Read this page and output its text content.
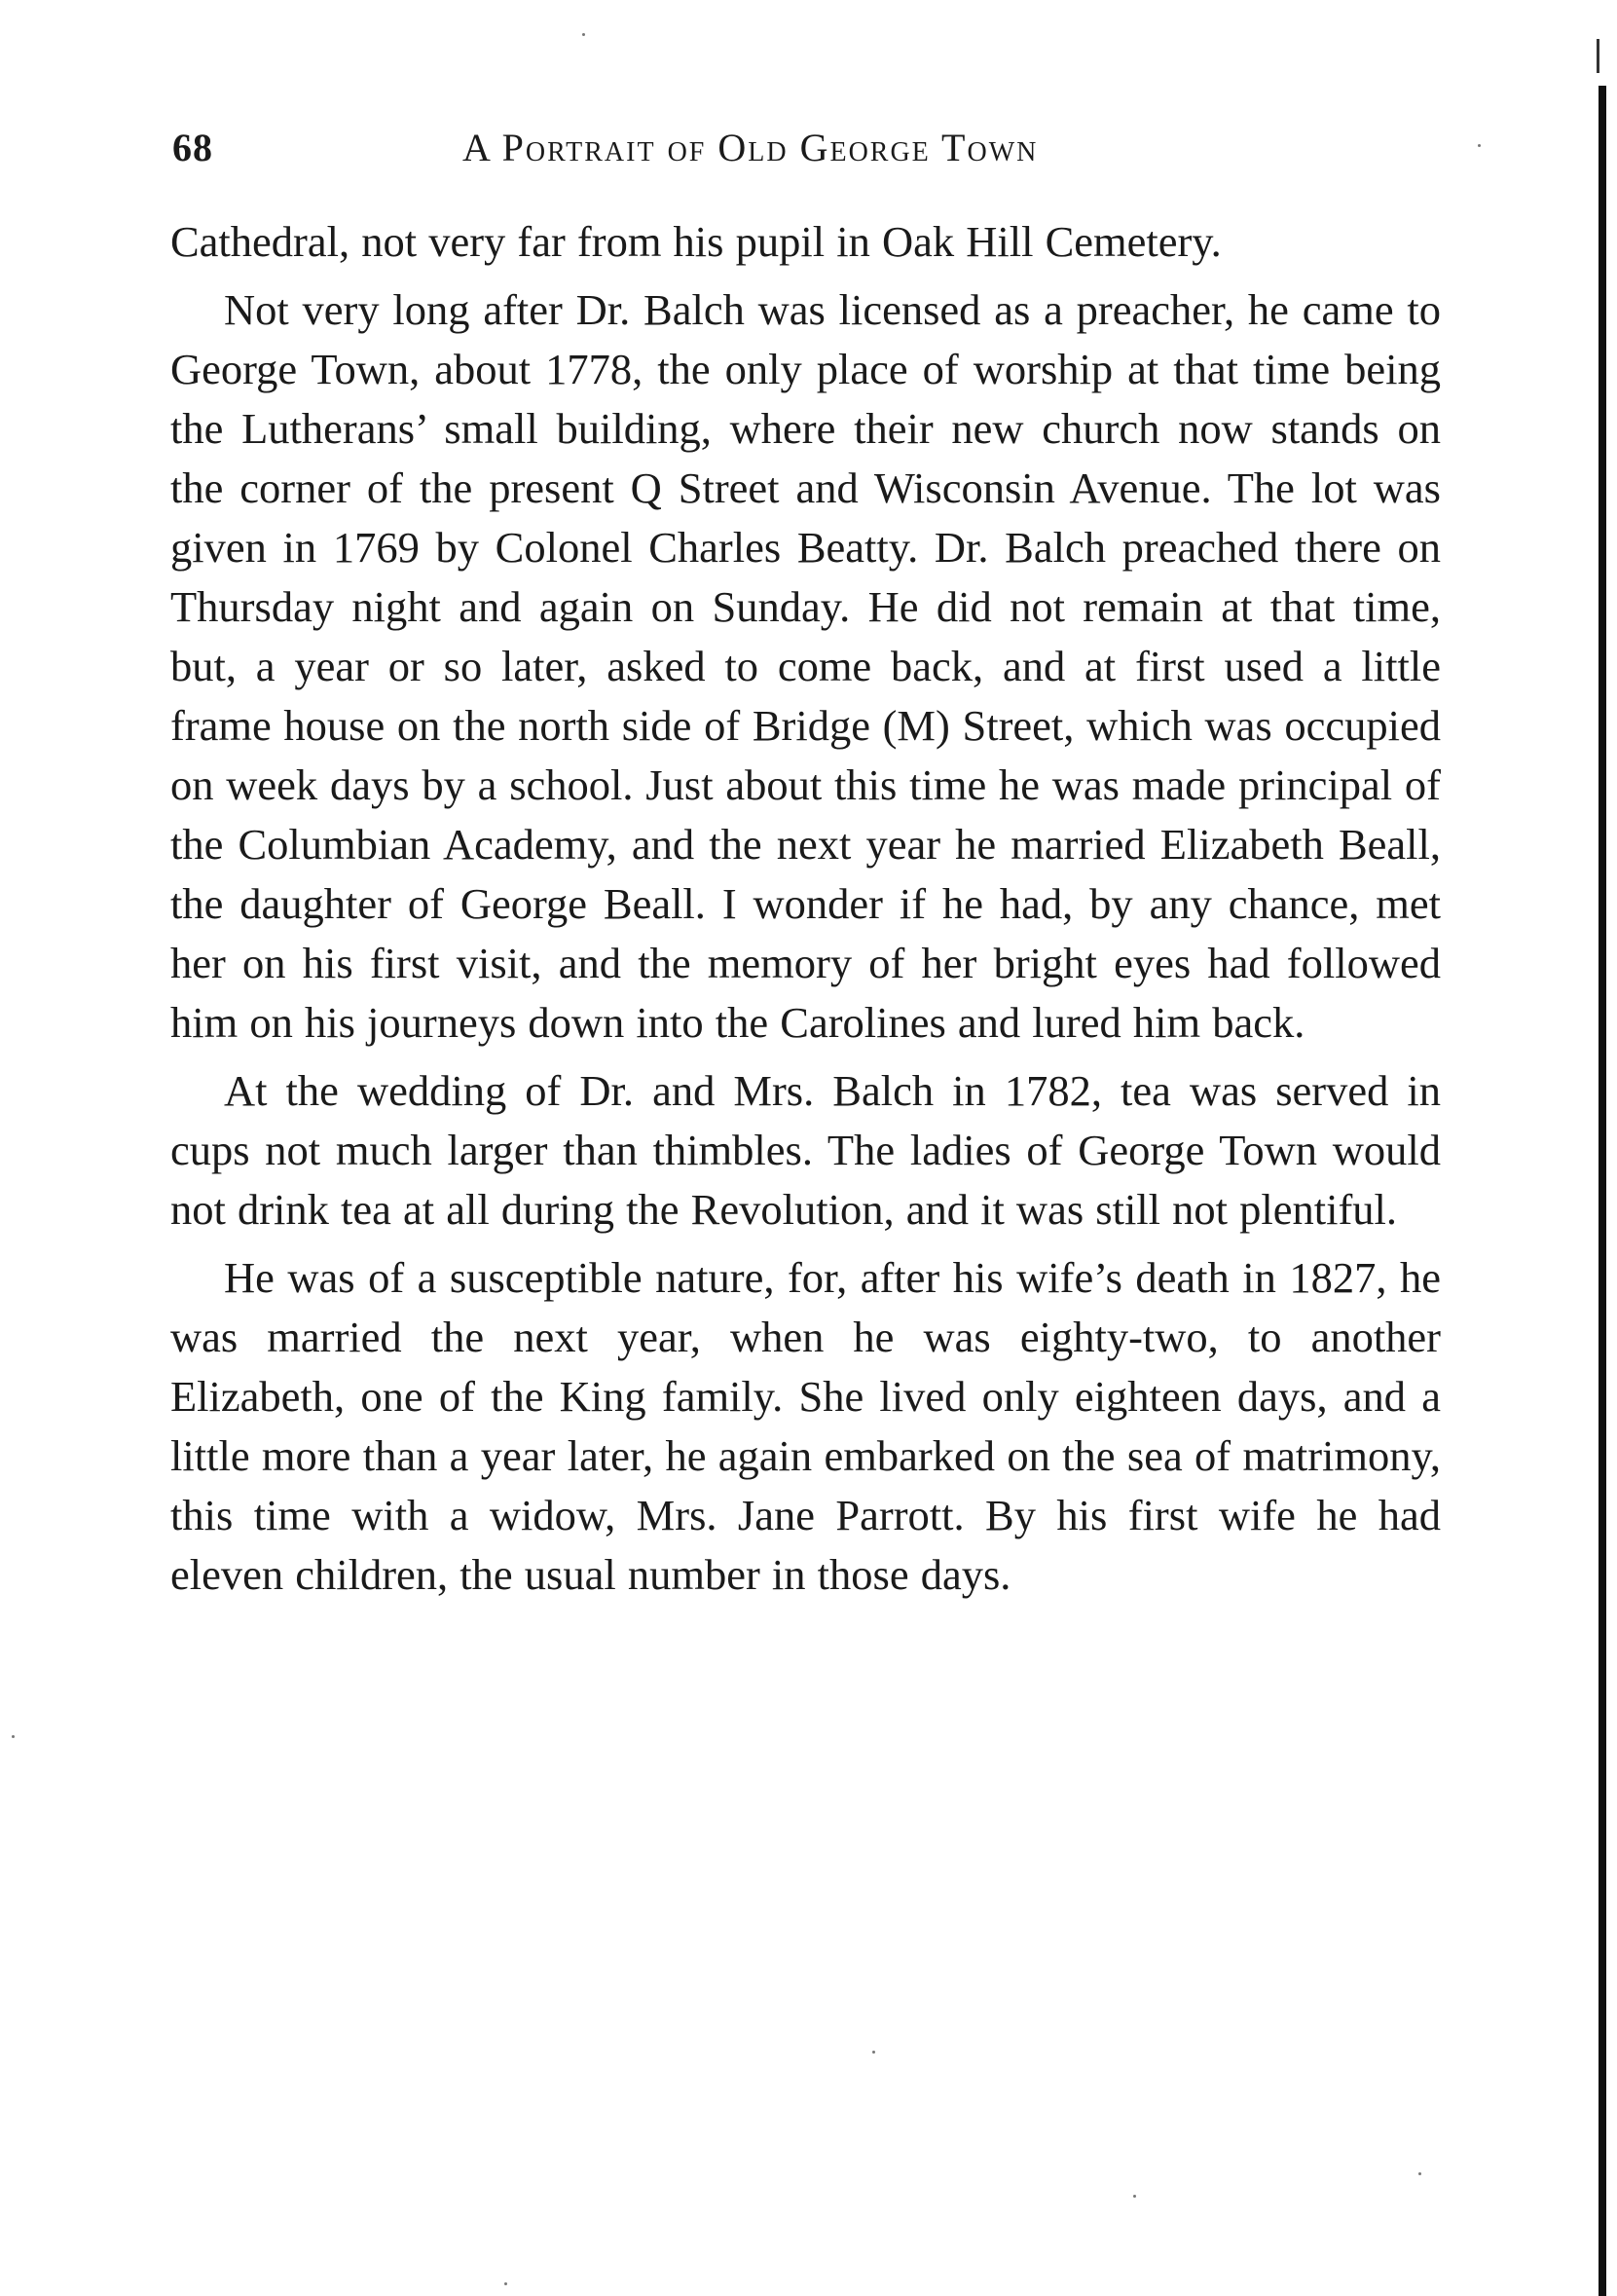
68	A Portrait of Old George Town

Cathedral, not very far from his pupil in Oak Hill Cemetery.

Not very long after Dr. Balch was licensed as a preacher, he came to George Town, about 1778, the only place of worship at that time being the Lutherans’ small building, where their new church now stands on the corner of the present Q Street and Wisconsin Avenue. The lot was given in 1769 by Colonel Charles Beatty. Dr. Balch preached there on Thursday night and again on Sunday. He did not remain at that time, but, a year or so later, asked to come back, and at first used a little frame house on the north side of Bridge (M) Street, which was occupied on week days by a school. Just about this time he was made principal of the Columbian Academy, and the next year he married Elizabeth Beall, the daughter of George Beall. I wonder if he had, by any chance, met her on his first visit, and the memory of her bright eyes had followed him on his journeys down into the Carolines and lured him back.

At the wedding of Dr. and Mrs. Balch in 1782, tea was served in cups not much larger than thimbles. The ladies of George Town would not drink tea at all during the Revolution, and it was still not plentiful.

He was of a susceptible nature, for, after his wife’s death in 1827, he was married the next year, when he was eighty-two, to another Elizabeth, one of the King family. She lived only eighteen days, and a little more than a year later, he again embarked on the sea of matrimony, this time with a widow, Mrs. Jane Parrott. By his first wife he had eleven children, the usual number in those days.
